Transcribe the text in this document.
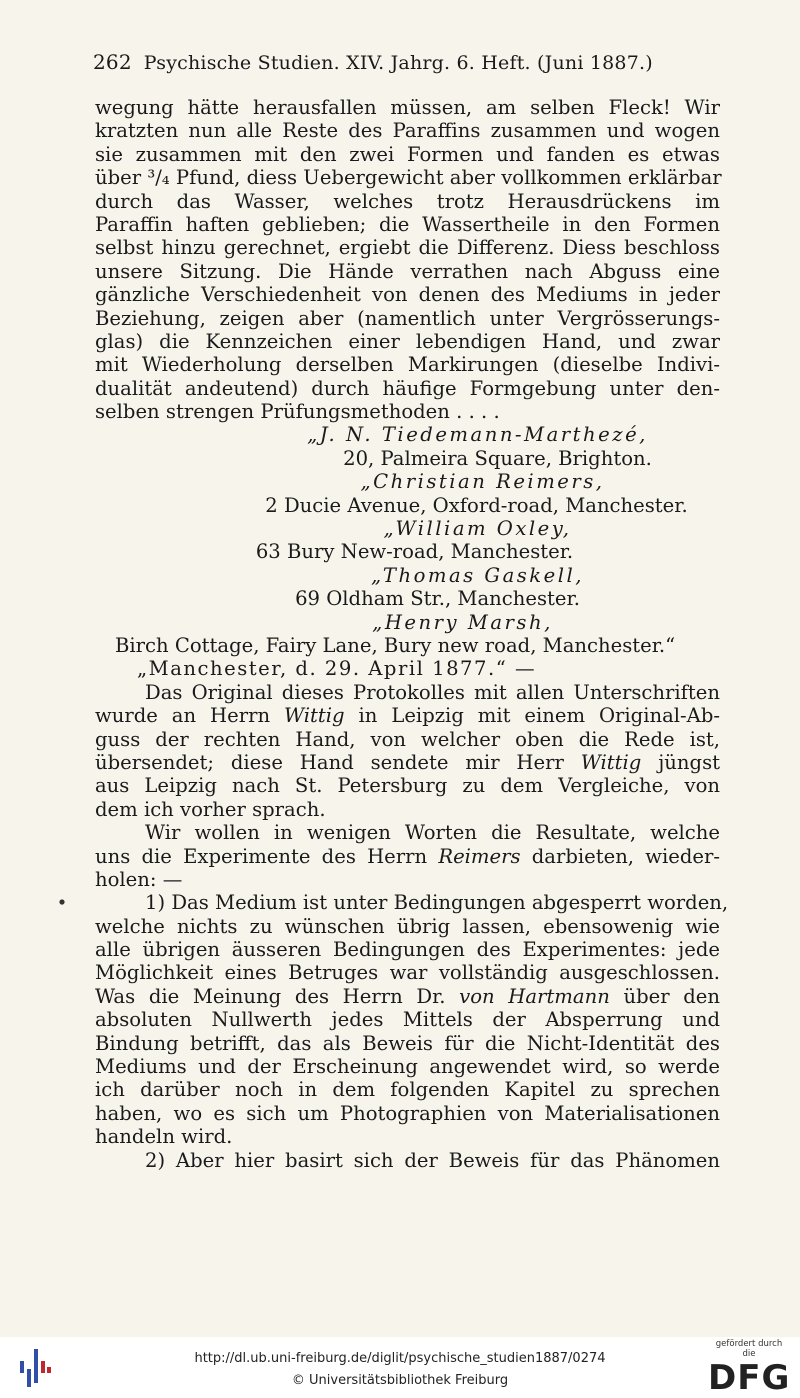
262 Psychische Studien. XIV. Jahrg. 6. Heft. (Juni 1887.)
wegung hätte herausfallen müssen, am selben Fleck! Wir
kratzten nun alle Reste des Paraffins zusammen und wogen
sie zusammen mit den zwei Formen und fanden es etwas
über ³/₄ Pfund, diess Uebergewicht aber vollkommen erklärbar
durch das Wasser, welches trotz Herausdrückens im
Paraffin haften geblieben; die Wassertheile in den Formen
selbst hinzu gerechnet, ergiebt die Differenz. Diess beschloss
unsere Sitzung. Die Hände verrathen nach Abguss eine
gänzliche Verschiedenheit von denen des Mediums in jeder
Beziehung, zeigen aber (namentlich unter Vergrösserungs-
glas) die Kennzeichen einer lebendigen Hand, und zwar
mit Wiederholung derselben Markirungen (dieselbe Indivi-
dualität andeutend) durch häufige Formgebung unter den-
selben strengen Prüfungsmethoden . . . .
„J. N. Tiedemann-Marthezé,
20, Palmeira Square, Brighton.
„Christian Reimers,
2 Ducie Avenue, Oxford-road, Manchester.
„William Oxley,
63 Bury New-road, Manchester.
„Thomas Gaskell,
69 Oldham Str., Manchester.
„Henry Marsh,
Birch Cottage, Fairy Lane, Bury new road, Manchester.“
„Manchester, d. 29. April 1877.“ —
Das Original dieses Protokolles mit allen Unterschriften
wurde an Herrn Wittig in Leipzig mit einem Original-Ab-
guss der rechten Hand, von welcher oben die Rede ist,
übersendet; diese Hand sendete mir Herr Wittig jüngst
aus Leipzig nach St. Petersburg zu dem Vergleiche, von
dem ich vorher sprach.
Wir wollen in wenigen Worten die Resultate, welche
uns die Experimente des Herrn Reimers darbieten, wieder-
holen: —
1) Das Medium ist unter Bedingungen abgesperrt worden,
welche nichts zu wünschen übrig lassen, ebensowenig wie
alle übrigen äusseren Bedingungen des Experimentes: jede
Möglichkeit eines Betruges war vollständig ausgeschlossen.
Was die Meinung des Herrn Dr. von Hartmann über den
absoluten Nullwerth jedes Mittels der Absperrung und
Bindung betrifft, das als Beweis für die Nicht-Identität des
Mediums und der Erscheinung angewendet wird, so werde
ich darüber noch in dem folgenden Kapitel zu sprechen
haben, wo es sich um Photographien von Materialisationen
handeln wird.
2) Aber hier basirt sich der Beweis für das Phänomen
http://dl.ub.uni-freiburg.de/diglit/psychische_studien1887/0274
© Universitätsbibliothek Freiburg
gefördert durch die
DFG
